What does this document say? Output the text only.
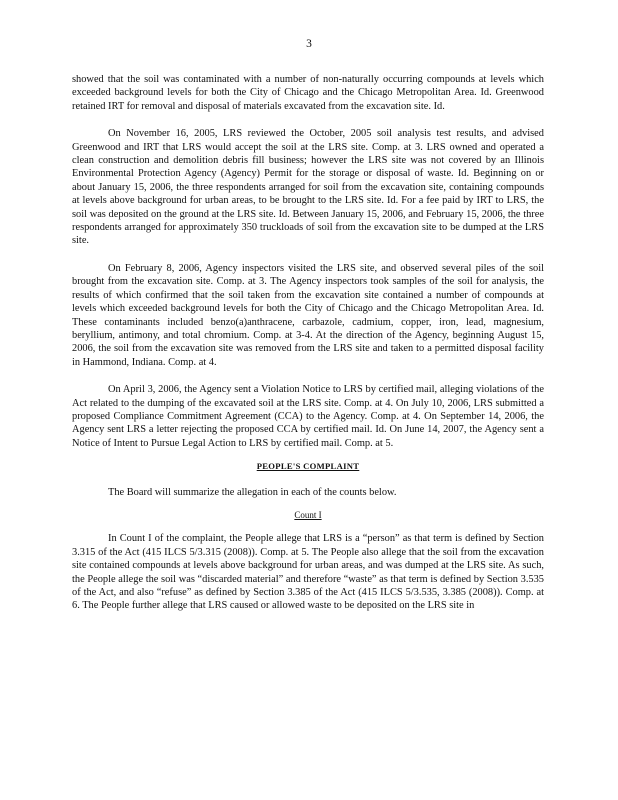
3

showed that the soil was contaminated with a number of non-naturally occurring compounds at levels which exceeded background levels for both the City of Chicago and the Chicago Metropolitan Area. Id. Greenwood retained IRT for removal and disposal of materials excavated from the excavation site. Id.

On November 16, 2005, LRS reviewed the October, 2005 soil analysis test results, and advised Greenwood and IRT that LRS would accept the soil at the LRS site. Comp. at 3. LRS owned and operated a clean construction and demolition debris fill business; however the LRS site was not covered by an Illinois Environmental Protection Agency (Agency) Permit for the storage or disposal of waste. Id. Beginning on or about January 15, 2006, the three respondents arranged for soil from the excavation site, containing compounds at levels above background for urban areas, to be brought to the LRS site. Id. For a fee paid by IRT to LRS, the soil was deposited on the ground at the LRS site. Id. Between January 15, 2006, and February 15, 2006, the three respondents arranged for approximately 350 truckloads of soil from the excavation site to be dumped at the LRS site.

On February 8, 2006, Agency inspectors visited the LRS site, and observed several piles of the soil brought from the excavation site. Comp. at 3. The Agency inspectors took samples of the soil for analysis, the results of which confirmed that the soil taken from the excavation site contained a number of compounds at levels which exceeded background levels for both the City of Chicago and the Chicago Metropolitan Area. Id. These contaminants included benzo(a)anthracene, carbazole, cadmium, copper, iron, lead, magnesium, beryllium, antimony, and total chromium. Comp. at 3-4. At the direction of the Agency, beginning August 15, 2006, the soil from the excavation site was removed from the LRS site and taken to a permitted disposal facility in Hammond, Indiana. Comp. at 4.

On April 3, 2006, the Agency sent a Violation Notice to LRS by certified mail, alleging violations of the Act related to the dumping of the excavated soil at the LRS site. Comp. at 4. On July 10, 2006, LRS submitted a proposed Compliance Commitment Agreement (CCA) to the Agency. Comp. at 4. On September 14, 2006, the Agency sent LRS a letter rejecting the proposed CCA by certified mail. Id. On June 14, 2007, the Agency sent a Notice of Intent to Pursue Legal Action to LRS by certified mail. Comp. at 5.

PEOPLE'S COMPLAINT

The Board will summarize the allegation in each of the counts below.

Count I

In Count I of the complaint, the People allege that LRS is a “person” as that term is defined by Section 3.315 of the Act (415 ILCS 5/3.315 (2008)). Comp. at 5. The People also allege that the soil from the excavation site contained compounds at levels above background for urban areas, and was dumped at the LRS site. As such, the People allege the soil was “discarded material” and therefore “waste” as that term is defined by Section 3.535 of the Act, and also “refuse” as defined by Section 3.385 of the Act (415 ILCS 5/3.535, 3.385 (2008)). Comp. at 6. The People further allege that LRS caused or allowed waste to be deposited on the LRS site in
